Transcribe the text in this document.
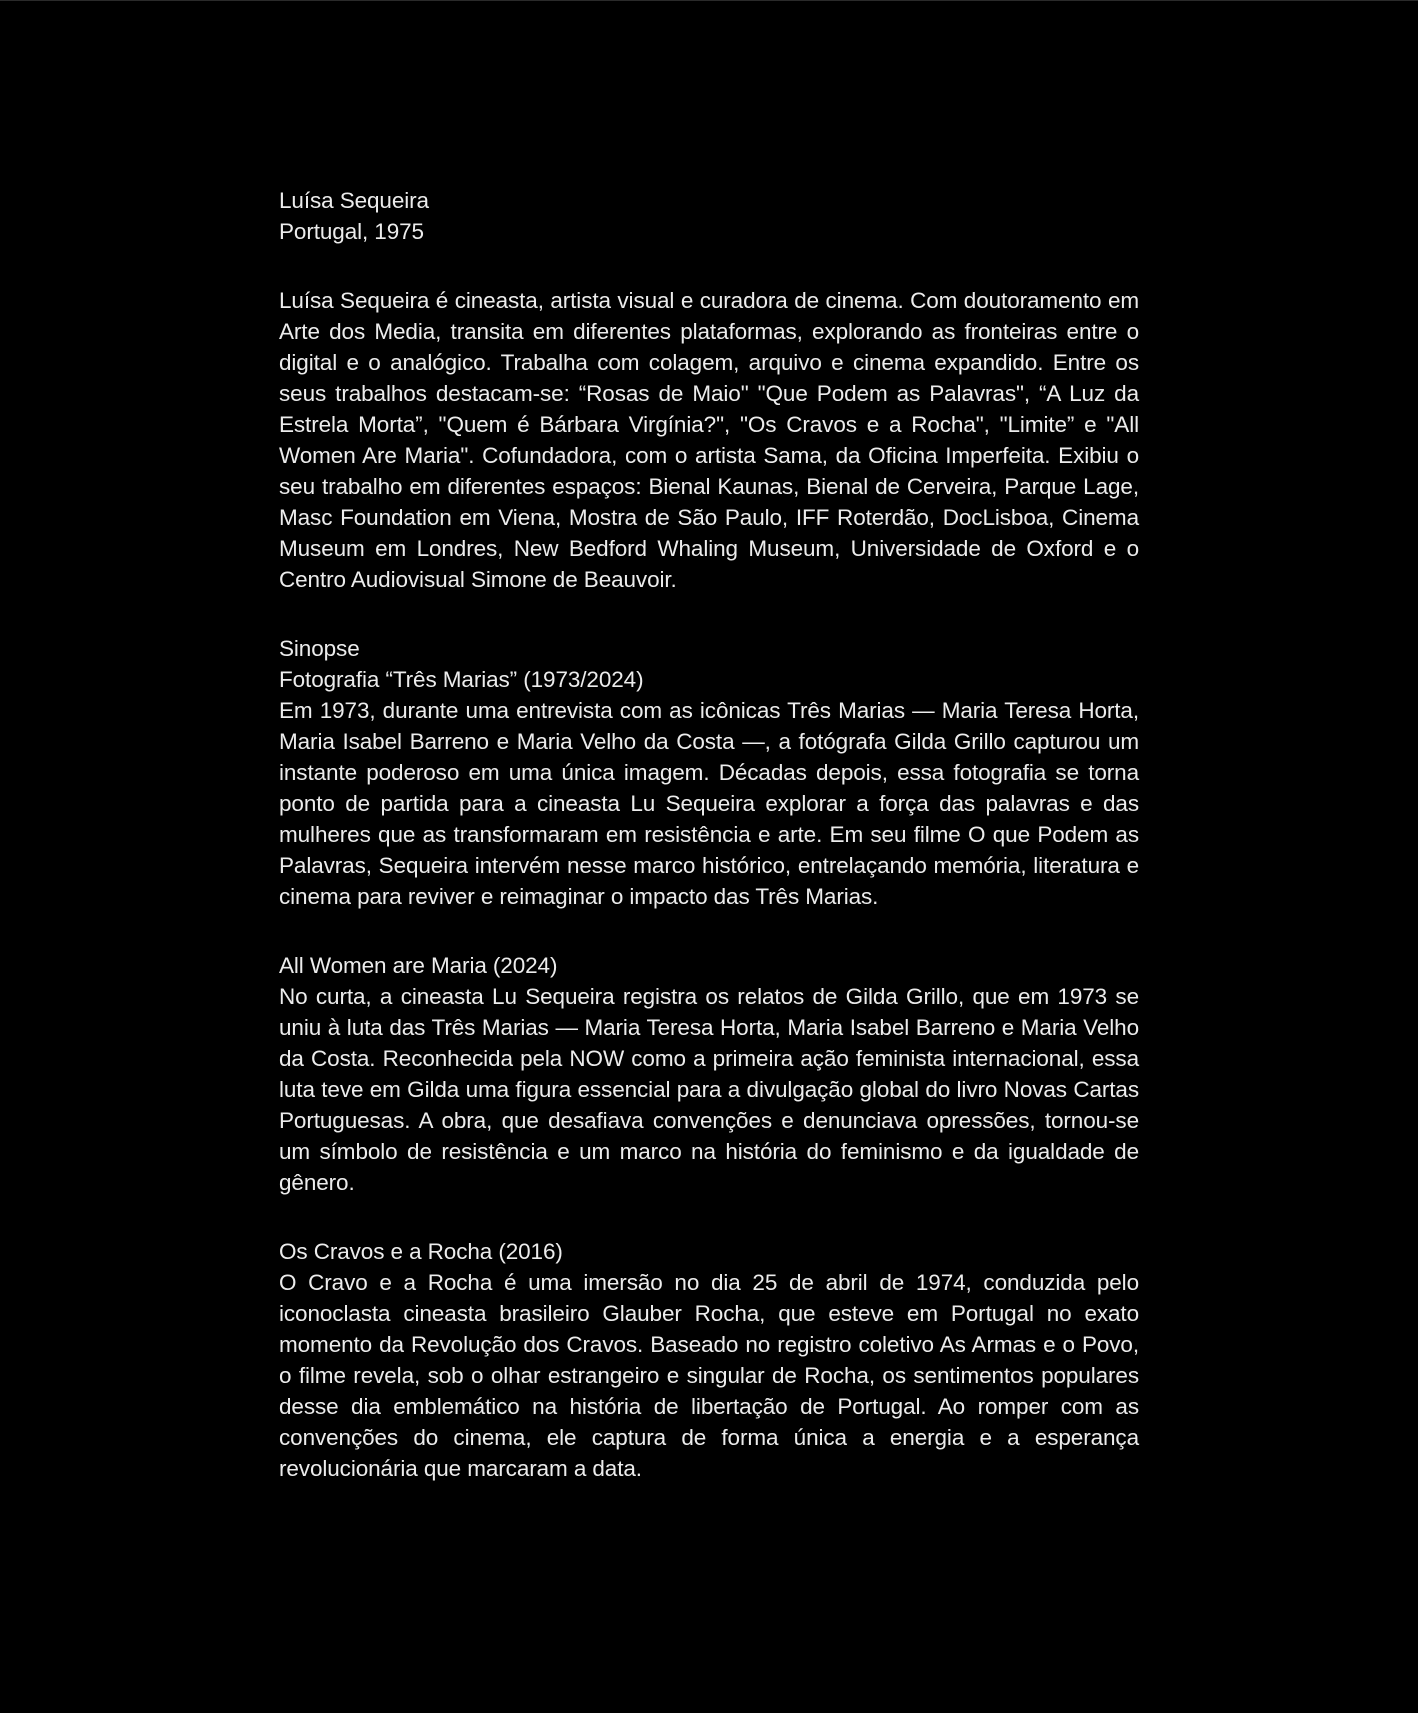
Luísa Sequeira
Portugal, 1975

Luísa Sequeira é cineasta, artista visual e curadora de cinema. Com doutoramento em Arte dos Media, transita em diferentes plataformas, explorando as fronteiras entre o digital e o analógico. Trabalha com colagem, arquivo e cinema expandido. Entre os seus trabalhos destacam-se: “Rosas de Maio" "Que Podem as Palavras", “A Luz da Estrela Morta”, "Quem é Bárbara Virgínia?", "Os Cravos e a Rocha", "Limite” e "All Women Are Maria". Cofundadora, com o artista Sama, da Oficina Imperfeita. Exibiu o seu trabalho em diferentes espaços: Bienal Kaunas, Bienal de Cerveira, Parque Lage, Masc Foundation em Viena, Mostra de São Paulo, IFF Roterdão, DocLisboa, Cinema Museum em Londres, New Bedford Whaling Museum, Universidade de Oxford e o Centro Audiovisual Simone de Beauvoir.

Sinopse
Fotografia “Três Marias” (1973/2024)

Em 1973, durante uma entrevista com as icônicas Três Marias — Maria Teresa Horta, Maria Isabel Barreno e Maria Velho da Costa —, a fotógrafa Gilda Grillo capturou um instante poderoso em uma única imagem. Décadas depois, essa fotografia se torna ponto de partida para a cineasta Lu Sequeira explorar a força das palavras e das mulheres que as transformaram em resistência e arte. Em seu filme O que Podem as Palavras, Sequeira intervém nesse marco histórico, entrelaçando memória, literatura e cinema para reviver e reimaginar o impacto das Três Marias.

All Women are Maria (2024)

No curta, a cineasta Lu Sequeira registra os relatos de Gilda Grillo, que em 1973 se uniu à luta das Três Marias — Maria Teresa Horta, Maria Isabel Barreno e Maria Velho da Costa. Reconhecida pela NOW como a primeira ação feminista internacional, essa luta teve em Gilda uma figura essencial para a divulgação global do livro Novas Cartas Portuguesas. A obra, que desafiava convenções e denunciava opressões, tornou-se um símbolo de resistência e um marco na história do feminismo e da igualdade de gênero.

Os Cravos e a Rocha (2016)

O Cravo e a Rocha é uma imersão no dia 25 de abril de 1974, conduzida pelo iconoclasta cineasta brasileiro Glauber Rocha, que esteve em Portugal no exato momento da Revolução dos Cravos. Baseado no registro coletivo As Armas e o Povo, o filme revela, sob o olhar estrangeiro e singular de Rocha, os sentimentos populares desse dia emblemático na história de libertação de Portugal. Ao romper com as convenções do cinema, ele captura de forma única a energia e a esperança revolucionária que marcaram a data.
